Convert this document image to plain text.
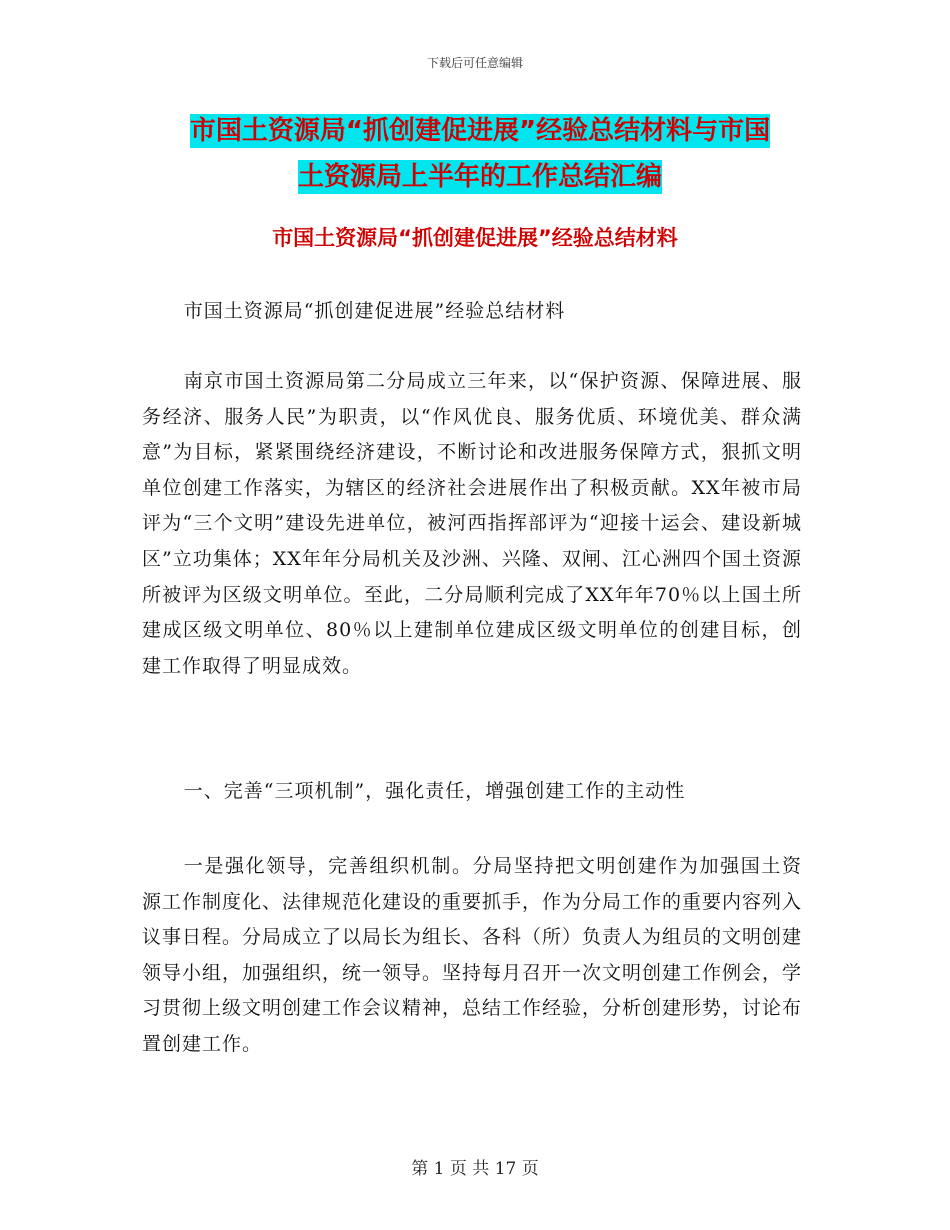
下载后可任意编辑
市国土资源局“抓创建促进展”经验总结材料与市国
土资源局上半年的工作总结汇编
市国土资源局“抓创建促进展”经验总结材料
市国土资源局“抓创建促进展”经验总结材料
南京市国土资源局第二分局成立三年来，以“保护资源、保障进展、服务经济、服务人民”为职责，以“作风优良、服务优质、环境优美、群众满意”为目标，紧紧围绕经济建设，不断讨论和改进服务保障方式，狠抓文明单位创建工作落实，为辖区的经济社会进展作出了积极贡献。XX年被市局评为“三个文明”建设先进单位，被河西指挥部评为“迎接十运会、建设新城区”立功集体；XX年年分局机关及沙洲、兴隆、双闸、江心洲四个国土资源所被评为区级文明单位。至此，二分局顺利完成了XX年年70％以上国土所建成区级文明单位、80％以上建制单位建成区级文明单位的创建目标，创建工作取得了明显成效。
一、完善“三项机制”，强化责任，增强创建工作的主动性
一是强化领导，完善组织机制。分局坚持把文明创建作为加强国土资源工作制度化、法律规范化建设的重要抓手，作为分局工作的重要内容列入议事日程。分局成立了以局长为组长、各科（所）负责人为组员的文明创建领导小组，加强组织，统一领导。坚持每月召开一次文明创建工作例会，学习贯彻上级文明创建工作会议精神，总结工作经验，分析创建形势，讨论布置创建工作。
第 1 页 共 17 页
